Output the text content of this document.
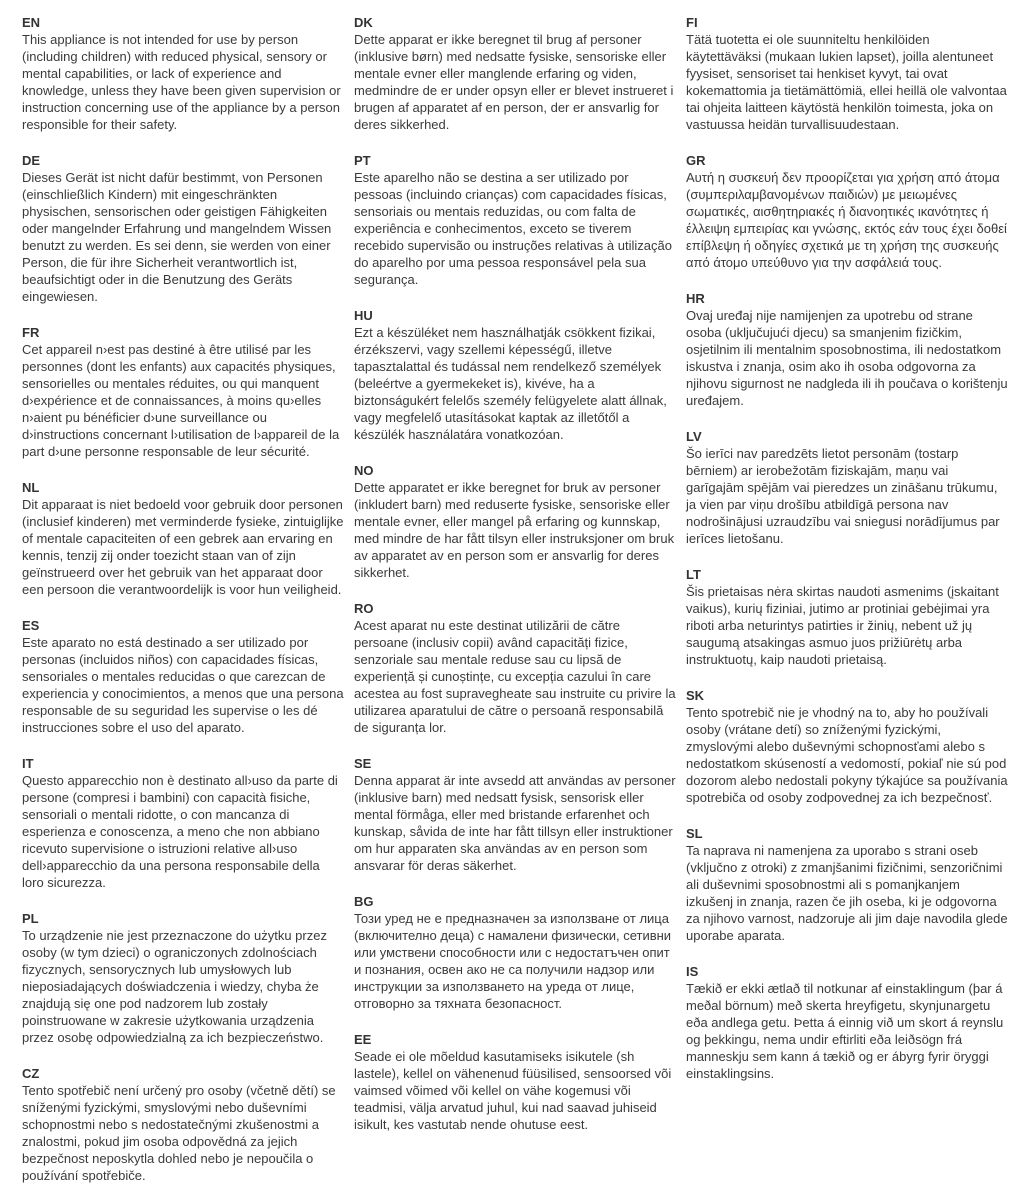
EN

This appliance is not intended for use by person (including children) with reduced physical, sensory or mental capabilities, or lack of experience and knowledge, unless they have been given supervision or instruction concerning use of the appliance by a person responsible for their safety.

DE

Dieses Gerät ist nicht dafür bestimmt, von Personen (einschließlich Kindern) mit eingeschränkten physischen, sensorischen oder geistigen Fähigkeiten oder mangelnder Erfahrung und mangelndem Wissen benutzt zu werden. Es sei denn, sie werden von einer Person, die für ihre Sicherheit verantwortlich ist, beaufsichtigt oder in die Benutzung des Geräts eingewiesen.

FR

Cet appareil n›est pas destiné à être utilisé par les personnes (dont les enfants) aux capacités physiques, sensorielles ou mentales réduites, ou qui manquent d›expérience et de connaissances, à moins qu›elles n›aient pu bénéficier d›une surveillance ou d›instructions concernant l›utilisation de l›appareil de la part d›une personne responsable de leur sécurité.

NL

Dit apparaat is niet bedoeld voor gebruik door personen (inclusief kinderen) met verminderde fysieke, zintuiglijke of mentale capaciteiten of een gebrek aan ervaring en kennis, tenzij zij onder toezicht staan van of zijn geïnstrueerd over het gebruik van het apparaat door een persoon die verantwoordelijk is voor hun veiligheid.

ES

Este aparato no está destinado a ser utilizado por personas (incluidos niños) con capacidades físicas, sensoriales o mentales reducidas o que carezcan de experiencia y conocimientos, a menos que una persona responsable de su seguridad les supervise o les dé instrucciones sobre el uso del aparato.

IT

Questo apparecchio non è destinato all›uso da parte di persone (compresi i bambini) con capacità fisiche, sensoriali o mentali ridotte, o con mancanza di esperienza e conoscenza, a meno che non abbiano ricevuto supervisione o istruzioni relative all›uso dell›apparecchio da una persona responsabile della loro sicurezza.

PL

To urządzenie nie jest przeznaczone do użytku przez osoby (w tym dzieci) o ograniczonych zdolnościach fizycznych, sensorycznych lub umysłowych lub nieposiadających doświadczenia i wiedzy, chyba że znajdują się one pod nadzorem lub zostały poinstruowane w zakresie użytkowania urządzenia przez osobę odpowiedzialną za ich bezpieczeństwo.

CZ

Tento spotřebič není určený pro osoby (včetně dětí) se sníženými fyzickými, smyslovými nebo duševními schopnostmi nebo s nedostatečnými zkušenostmi a znalostmi, pokud jim osoba odpovědná za jejich bezpečnost neposkytla dohled nebo je nepoučila o používání spotřebiče.

DK

Dette apparat er ikke beregnet til brug af personer (inklusive børn) med nedsatte fysiske, sensoriske eller mentale evner eller manglende erfaring og viden, medmindre de er under opsyn eller er blevet instrueret i brugen af apparatet af en person, der er ansvarlig for deres sikkerhed.

PT

Este aparelho não se destina a ser utilizado por pessoas (incluindo crianças) com capacidades físicas, sensoriais ou mentais reduzidas, ou com falta de experiência e conhecimentos, exceto se tiverem recebido supervisão ou instruções relativas à utilização do aparelho por uma pessoa responsável pela sua segurança.

HU

Ezt a készüléket nem használhatják csökkent fizikai, érzékszervi, vagy szellemi képességű, illetve tapasztalattal és tudással nem rendelkező személyek (beleértve a gyermekeket is), kivéve, ha a biztonságukért felelős személy felügyelete alatt állnak, vagy megfelelő utasításokat kaptak az illetőtől a készülék használatára vonatkozóan.

NO

Dette apparatet er ikke beregnet for bruk av personer (inkludert barn) med reduserte fysiske, sensoriske eller mentale evner, eller mangel på erfaring og kunnskap, med mindre de har fått tilsyn eller instruksjoner om bruk av apparatet av en person som er ansvarlig for deres sikkerhet.

RO

Acest aparat nu este destinat utilizării de către persoane (inclusiv copii) având capacități fizice, senzoriale sau mentale reduse sau cu lipsă de experiență și cunoștințe, cu excepția cazului în care acestea au fost supravegheate sau instruite cu privire la utilizarea aparatului de către o persoană responsabilă de siguranța lor.

SE

Denna apparat är inte avsedd att användas av personer (inklusive barn) med nedsatt fysisk, sensorisk eller mental förmåga, eller med bristande erfarenhet och kunskap, såvida de inte har fått tillsyn eller instruktioner om hur apparaten ska användas av en person som ansvarar för deras säkerhet.

BG

Този уред не е предназначен за използване от лица (включително деца) с намалени физически, сетивни или умствени способности или с недостатъчен опит и познания, освен ако не са получили надзор или инструкции за използването на уреда от лице, отговорно за тяхната безопасност.

EE

Seade ei ole mõeldud kasutamiseks isikutele (sh lastele), kellel on vähenenud füüsilised, sensoorsed või vaimsed võimed või kellel on vähe kogemusi või teadmisi, välja arvatud juhul, kui nad saavad juhiseid isikult, kes vastutab nende ohutuse eest.

FI

Tätä tuotetta ei ole suunniteltu henkilöiden käytettäväksi (mukaan lukien lapset), joilla alentuneet fyysiset, sensoriset tai henkiset kyvyt, tai ovat kokemattomia ja tietämättömiä, ellei heillä ole valvontaa tai ohjeita laitteen käytöstä henkilön toimesta, joka on vastuussa heidän turvallisuudestaan.

GR

Αυτή η συσκευή δεν προορίζεται για χρήση από άτομα (συμπεριλαμβανομένων παιδιών) με μειωμένες σωματικές, αισθητηριακές ή διανοητικές ικανότητες ή έλλειψη εμπειρίας και γνώσης, εκτός εάν τους έχει δοθεί επίβλεψη ή οδηγίες σχετικά με τη χρήση της συσκευής από άτομο υπεύθυνο για την ασφάλειά τους.

HR

Ovaj uređaj nije namijenjen za upotrebu od strane osoba (uključujući djecu) sa smanjenim fizičkim, osjetilnim ili mentalnim sposobnostima, ili nedostatkom iskustva i znanja, osim ako ih osoba odgovorna za njihovu sigurnost ne nadgleda ili ih poučava o korištenju uređajem.

LV

Šo ierīci nav paredzēts lietot personām (tostarp bērniem) ar ierobežotām fiziskajām, maņu vai garīgajām spējām vai pieredzes un zināšanu trūkumu, ja vien par viņu drošību atbildīgā persona nav nodrošinājusi uzraudzību vai sniegusi norādījumus par ierīces lietošanu.

LT

Šis prietaisas nėra skirtas naudoti asmenims (įskaitant vaikus), kurių fiziniai, jutimo ar protiniai gebėjimai yra riboti arba neturintys patirties ir žinių, nebent už jų saugumą atsakingas asmuo juos prižiūrėtų arba instruktuotų, kaip naudoti prietaisą.

SK

Tento spotrebič nie je vhodný na to, aby ho používali osoby (vrátane detí) so zníženými fyzickými, zmyslovými alebo duševnými schopnosťami alebo s nedostatkom skúseností a vedomostí, pokiaľ nie sú pod dozorom alebo nedostali pokyny týkajúce sa používania spotrebiča od osoby zodpovednej za ich bezpečnosť.

SL

Ta naprava ni namenjena za uporabo s strani oseb (vključno z otroki) z zmanjšanimi fizičnimi, senzoričnimi ali duševnimi sposobnostmi ali s pomanjkanjem izkušenj in znanja, razen če jih oseba, ki je odgovorna za njihovo varnost, nadzoruje ali jim daje navodila glede uporabe aparata.

IS

Tækið er ekki ætlað til notkunar af einstaklingum (þar á meðal börnum) með skerta hreyfigetu, skynjunargetu eða andlega getu. Þetta á einnig við um skort á reynslu og þekkingu, nema undir eftirliti eða leiðsögn frá manneskju sem kann á tækið og er ábyrg fyrir öryggi einstaklingsins.
